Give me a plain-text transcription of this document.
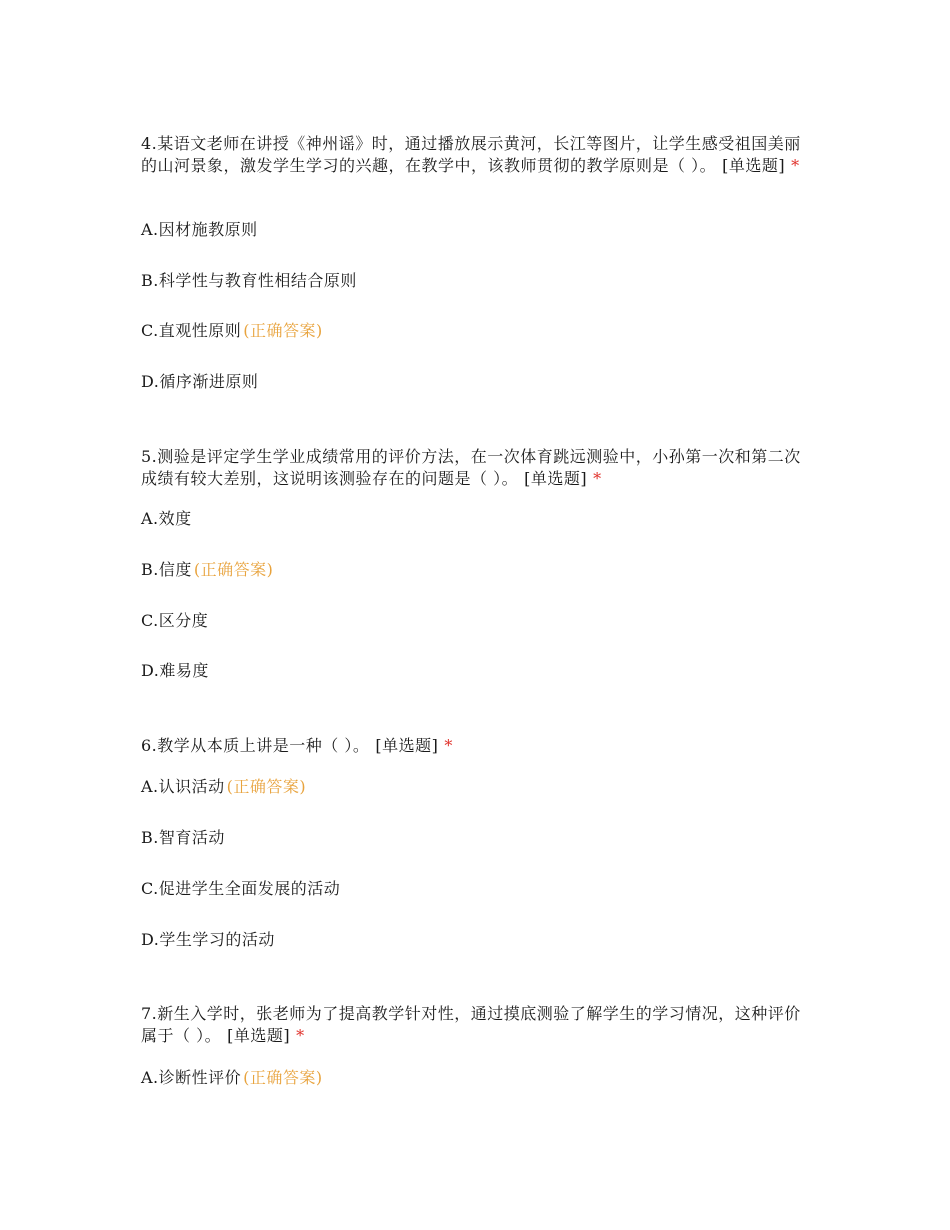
4.某语文老师在讲授《神州谣》时，通过播放展示黄河，长江等图片，让学生感受祖国美丽的山河景象，激发学生学习的兴趣，在教学中，该教师贯彻的教学原则是（ ）。 [单选题] *

A.因材施教原则
B.科学性与教育性相结合原则
C.直观性原则 (正确答案)
D.循序渐进原则

5.测验是评定学生学业成绩常用的评价方法，在一次体育跳远测验中，小孙第一次和第二次成绩有较大差别，这说明该测验存在的问题是（ ）。 [单选题] *

A.效度
B.信度 (正确答案)
C.区分度
D.难易度

6.教学从本质上讲是一种（ ）。 [单选题] *

A.认识活动 (正确答案)
B.智育活动
C.促进学生全面发展的活动
D.学生学习的活动

7.新生入学时，张老师为了提高教学针对性，通过摸底测验了解学生的学习情况，这种评价属于（ ）。 [单选题] *

A.诊断性评价 (正确答案)
